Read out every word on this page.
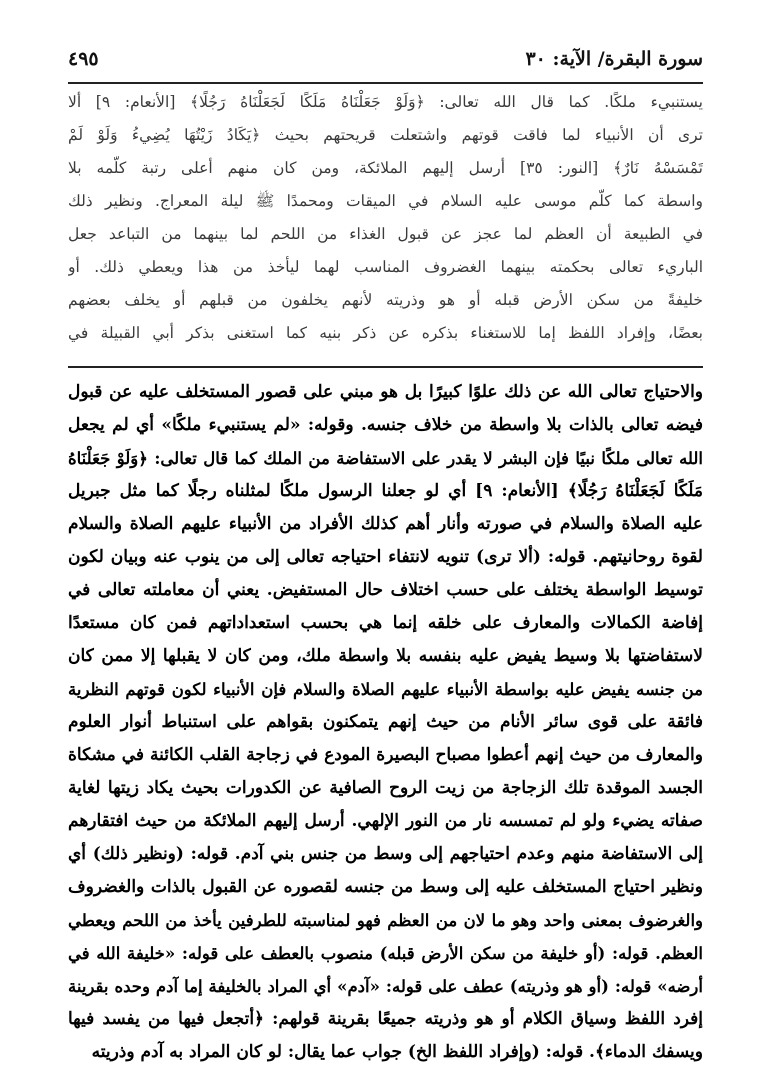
سورة البقرة/ الآية: ٣٠
٤٩٥
يستنبيء ملكًا. كما قال الله تعالى: ﴿وَلَوْ جَعَلْنَاهُ مَلَكًا لَجَعَلْنَاهُ رَجُلًا﴾ [الأنعام: ٩] ألا
ترى أن الأنبياء لما فاقت قوتهم واشتعلت قريحتهم بحيث ﴿يَكَادُ زَيْتُهَا يُضِيءُ وَلَوْ لَمْ
تَمْسَسْهُ نَارٌ﴾ [النور: ٣٥] أرسل إليهم الملائكة، ومن كان منهم أعلى رتبة كلّمه بلا
واسطة كما كلّم موسى عليه السلام في الميقات ومحمدًا ﷺ ليلة المعراج. ونظير ذلك
في الطبيعة أن العظم لما عجز عن قبول الغذاء من اللحم لما بينهما من التباعد جعل
الباريء تعالى بحكمته بينهما الغضروف المناسب لهما ليأخذ من هذا ويعطي ذلك. أو
خليفةً من سكن الأرض قبله أو هو وذريته لأنهم يخلفون من قبلهم أو يخلف بعضهم
بعضًا، وإفراد اللفظ إما للاستغناء بذكره عن ذكر بنيه كما استغنى بذكر أبي القبيلة في
والاحتياج تعالى الله عن ذلك علوًا كبيرًا بل هو مبني على قصور المستخلف عليه عن قبول
فيضه تعالى بالذات بلا واسطة من خلاف جنسه. وقوله: «لم يستنبيء ملكًا» أي لم يجعل
الله تعالى ملكًا نبيًا فإن البشر لا يقدر على الاستفاضة من الملك كما قال تعالى: ﴿وَلَوْ جَعَلْنَاهُ
مَلَكًا لَجَعَلْنَاهُ رَجُلًا﴾ [الأنعام: ٩] أي لو جعلنا الرسول ملكًا لمثلناه رجلًا كما مثل جبريل
عليه الصلاة والسلام في صورته وأنار أهم كذلك الأفراد من الأنبياء عليهم الصلاة والسلام
لقوة روحانيتهم. قوله: (ألا ترى) تنويه لانتفاء احتياجه تعالى إلى من ينوب عنه وبيان لكون
توسيط الواسطة يختلف على حسب اختلاف حال المستفيض. يعني أن معاملته تعالى في
إفاضة الكمالات والمعارف على خلقه إنما هي بحسب استعداداتهم فمن كان مستعدًا
لاستفاضتها بلا وسيط يفيض عليه بنفسه بلا واسطة ملك، ومن كان لا يقبلها إلا ممن كان
من جنسه يفيض عليه بواسطة الأنبياء عليهم الصلاة والسلام فإن الأنبياء لكون قوتهم النظرية
فائقة على قوى سائر الأنام من حيث إنهم يتمكنون بقواهم على استنباط أنوار العلوم
والمعارف من حيث إنهم أعطوا مصباح البصيرة المودع في زجاجة القلب الكائنة في مشكاة
الجسد الموقدة تلك الزجاجة من زيت الروح الصافية عن الكدورات بحيث يكاد زيتها لغاية
صفاته يضيء ولو لم تمسسه نار من النور الإلهي. أرسل إليهم الملائكة من حيث افتقارهم
إلى الاستفاضة منهم وعدم احتياجهم إلى وسط من جنس بني آدم. قوله: (ونظير ذلك) أي
ونظير احتياج المستخلف عليه إلى وسط من جنسه لقصوره عن القبول بالذات والغضروف
والغرضوف بمعنى واحد وهو ما لان من العظم فهو لمناسبته للطرفين يأخذ من اللحم ويعطي
العظم. قوله: (أو خليفة من سكن الأرض قبله) منصوب بالعطف على قوله: «خليفة الله في
أرضه» قوله: (أو هو وذريته) عطف على قوله: «آدم» أي المراد بالخليفة إما آدم وحده بقرينة
إفرد اللفظ وسياق الكلام أو هو وذريته جميعًا بقرينة قولهم: ﴿أتجعل فيها من يفسد فيها
ويسفك الدماء﴾. قوله: (وإفراد اللفظ الخ) جواب عما يقال: لو كان المراد به آدم وذريته
